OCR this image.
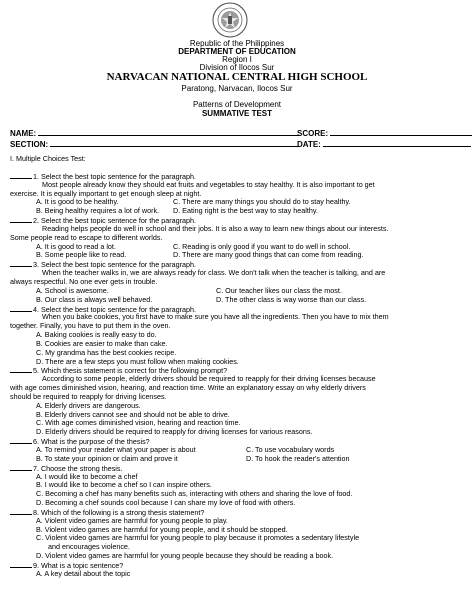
Republic of the Philippines
DEPARTMENT OF EDUCATION
Region I
Division of Ilocos Sur
NARVACAN NATIONAL CENTRAL HIGH SCHOOL
Paratong, Narvacan, Ilocos Sur
Patterns of Development
SUMMATIVE TEST
NAME:
SECTION:
SCORE:
DATE:
I. Multiple Choices Test:
1. Select the best topic sentence for the paragraph.
Most people already know they should eat fruits and vegetables to stay healthy. It is also important to get
exercise. It is equally important to get enough sleep at night.
A. It is good to be healthy.	C. There are many things you should do to stay healthy.
B. Being healthy requires a lot of work.	D. Eating right is the best way to stay healthy.
2. Select the best topic sentence for the paragraph.
Reading helps people do well in school and their jobs. It is also a way to learn new things about our interests.
Some people read to escape to different worlds.
A. It is good to read a lot.	C. Reading is only good if you want to do well in school.
B. Some people like to read.	D. There are many good things that can come from reading.
3. Select the best topic sentence for the paragraph.
When the teacher walks in, we are always ready for class. We don't talk when the teacher is talking, and are
always respectful. No one ever gets in trouble.
A. School is awesome.	C. Our teacher likes our class the most.
B. Our class is always well behaved.	D. The other class is way worse than our class.
4. Select the best topic sentence for the paragraph.
When you bake cookies, you first have to make sure you have all the ingredients. Then you have to mix them
together. Finally, you have to put them in the oven.
A. Baking cookies is really easy to do.
B. Cookies are easier to make than cake.
C. My grandma has the best cookies recipe.
D. There are a few steps you must follow when making cookies.
5. Which thesis statement is correct for the following prompt?
According to some people, elderly drivers should be required to reapply for their driving licenses because
with age comes diminished vision, hearing, and reaction time. Write an explanatory essay on why elderly drivers
should be required to reapply for driving licenses.
A. Elderly drivers are dangerous.
B. Elderly drivers cannot see and should not be able to drive.
C. With age comes diminished vision, hearing and reaction time.
D. Elderly drivers should be required to reapply for driving licenses for various reasons.
6. What is the purpose of the thesis?
A. To remind your reader what your paper is about	C. To use vocabulary words
B. To state your opinion or claim and prove it	D. To hook the reader's attention
7. Choose the strong thesis.
A. I would like to become a chef
B. I would like to become a chef so I can inspire others.
C. Becoming a chef has many benefits such as, interacting with others and sharing the love of food.
D. Becoming a chef sounds cool because I can share my love of food with others.
8. Which of the following is a strong thesis statement?
A. Violent video games are harmful for young people to play.
B. Violent video games are harmful for young people, and it should be stopped.
C. Violent video games are harmful for young people to play because it promotes a sedentary lifestyle
and encourages violence.
D. Violent video games are harmful for young people because they should be reading a book.
9. What is a topic sentence?
A. A key detail about the topic
